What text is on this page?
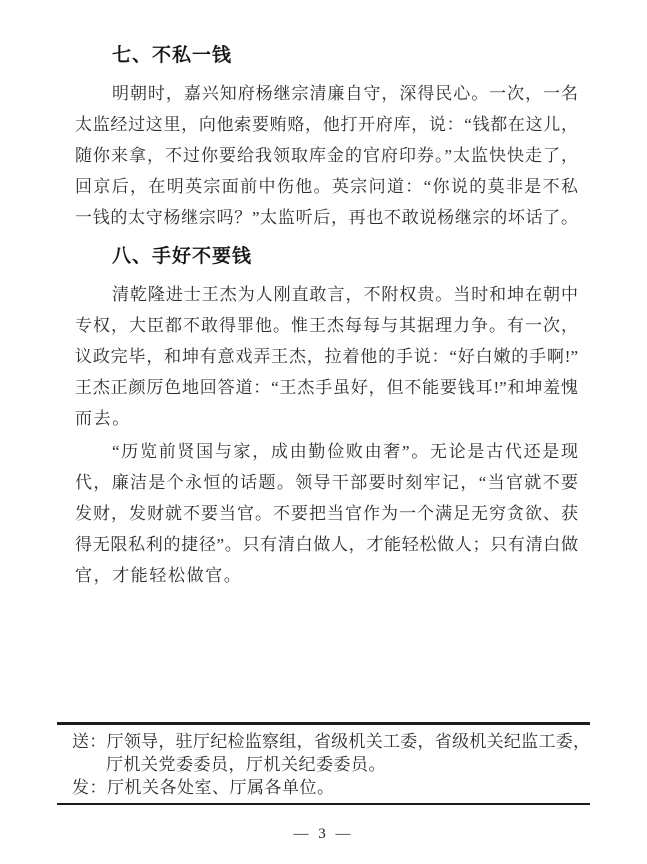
七、不私一钱
明朝时，嘉兴知府杨继宗清廉自守，深得民心。一次，一名
太监经过这里，向他索要贿赂，他打开府库，说：“钱都在这儿，
随你来拿，不过你要给我领取库金的官府印券。”太监快快走了，
回京后，在明英宗面前中伤他。英宗问道：“你说的莫非是不私
一钱的太守杨继宗吗？”太监听后，再也不敢说杨继宗的坏话了。
八、手好不要钱
清乾隆进士王杰为人刚直敢言，不附权贵。当时和坤在朝中
专权，大臣都不敢得罪他。惟王杰每每与其据理力争。有一次，
议政完毕，和坤有意戏弄王杰，拉着他的手说：“好白嫩的手啊!”
王杰正颜厉色地回答道：“王杰手虽好，但不能要钱耳!”和坤羞愧
而去。
“历览前贤国与家，成由勤俭败由奢”。无论是古代还是现
代，廉洁是个永恒的话题。领导干部要时刻牢记，“当官就不要
发财，发财就不要当官。不要把当官作为一个满足无穷贪欲、获
得无限私利的捷径”。只有清白做人，才能轻松做人；只有清白做
官，才能轻松做官。
送：厅领导，驻厅纪检监察组，省级机关工委，省级机关纪监工委，
厅机关党委委员，厅机关纪委委员。
发：厅机关各处室、厅属各单位。
— 3 —
